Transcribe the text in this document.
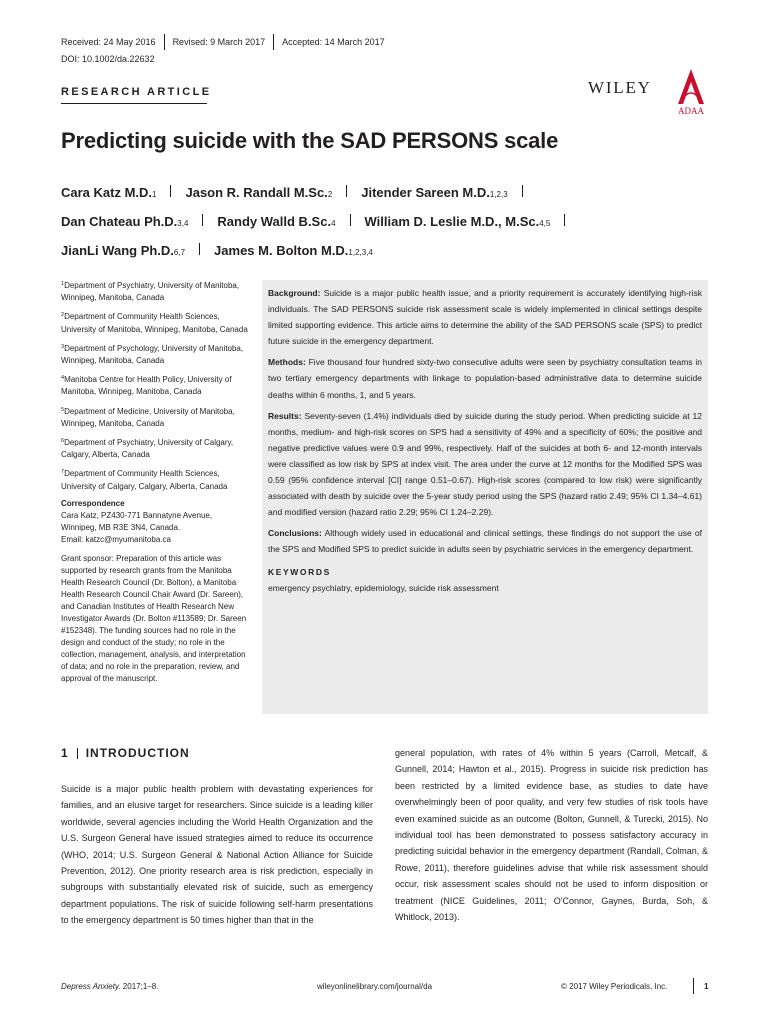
Received: 24 May 2016 Revised: 9 March 2017 Accepted: 14 March 2017
DOI: 10.1002/da.22632
RESEARCH ARTICLE	WILEY
ADAA
Predicting suicide with the SAD PERSONS scale
Cara Katz M.D. 1 Jason R. Randall M.Sc. 2 Jitender Sareen M.D. 1,2,3
Dan Chateau Ph.D. 3,4 Randy Walld B.Sc. 4 William D. Leslie M.D., M.Sc. 4,5
JianLi Wang Ph.D. 6,7 James M. Bolton M.D. 1,2,3,4

$^1$Department of Psychiatry, University of Manitoba, Winnipeg, Manitoba, Canada

$^2$Department of Community Health Sciences, University of Manitoba, Winnipeg, Manitoba, Canada

$^3$Department of Psychology, University of Manitoba, Winnipeg, Manitoba, Canada

$^4$Manitoba Centre for Health Policy, University of Manitoba, Winnipeg, Manitoba, Canada

$^5$Department of Medicine, University of Manitoba, Winnipeg, Manitoba, Canada

$^6$Department of Psychiatry, University of Calgary, Calgary, Alberta, Canada

$^7$Department of Community Health Sciences, University of Calgary, Calgary, Alberta, Canada

Correspondence

Cara Katz, PZ430-771 Bannatyne Avenue,
Winnipeg, MB R3E 3N4, Canada.
Email: katzc@myumanitoba.ca

Grant sponsor: Preparation of this article was supported by research grants from the Manitoba Health Research Council (Dr. Bolton), a Manitoba Health Research Council Chair Award (Dr. Sareen), and Canadian Institutes of Health Research New Investigator Awards (Dr. Bolton #113589; Dr. Sareen #152348). The funding sources had no role in the design and conduct of the study; no role in the collection, management, analysis, and interpretation of data; and no role in the preparation, review, and approval of the manuscript.

Background: Suicide is a major public health issue, and a priority requirement is accurately identifying high-risk individuals. The SAD PERSONS suicide risk assessment scale is widely implemented in clinical settings despite limited supporting evidence. This article aims to determine the ability of the SAD PERSONS scale (SPS) to predict future suicide in the emergency department.

Methods: Five thousand four hundred sixty-two consecutive adults were seen by psychiatry consultation teams in two tertiary emergency departments with linkage to population-based administrative data to determine suicide deaths within 6 months, 1, and 5 years.

Results: Seventy-seven (1.4%) individuals died by suicide during the study period. When predicting suicide at 12 months, medium- and high-risk scores on SPS had a sensitivity of 49% and a specificity of 60%; the positive and negative predictive values were 0.9 and 99%, respectively. Half of the suicides at both 6- and 12-month intervals were classified as low risk by SPS at index visit. The area under the curve at 12 months for the Modified SPS was 0.59 (95% confidence interval [CI] range 0.51–0.67). High-risk scores (compared to low risk) were significantly associated with death by suicide over the 5-year study period using the SPS (hazard ratio 2.49; 95% CI 1.34–4.61) and modified version (hazard ratio 2.29; 95% CI 1.24–2.29).

Conclusions: Although widely used in educational and clinical settings, these findings do not support the use of the SPS and Modified SPS to predict suicide in adults seen by psychiatric services in the emergency department.

KEYWORDS
emergency psychiatry, epidemiology, suicide risk assessment
1 INTRODUCTION
Suicide is a major public health problem with devastating experiences for families, and an elusive target for researchers. Since suicide is a leading killer worldwide, several agencies including the World Health Organization and the U.S. Surgeon General have issued strategies aimed to reduce its occurrence (WHO, 2014; U.S. Surgeon General & National Action Alliance for Suicide Prevention, 2012). One priority research area is risk prediction, especially in subgroups with substantially elevated risk of suicide, such as emergency department populations. The risk of suicide following self-harm presentations to the emergency department is 50 times higher than that in the
general population, with rates of 4% within 5 years (Carroll, Metcalf, & Gunnell, 2014; Hawton et al., 2015). Progress in suicide risk prediction has been restricted by a limited evidence base, as studies to date have overwhelmingly been of poor quality, and very few studies of risk tools have even examined suicide as an outcome (Bolton, Gunnell, & Turecki, 2015). No individual tool has been demonstrated to possess satisfactory accuracy in predicting suicidal behavior in the emergency department (Randall, Colman, & Rowe, 2011), therefore guidelines advise that while risk assessment should occur, risk assessment scales should not be used to inform disposition or treatment (NICE Guidelines, 2011; O'Connor, Gaynes, Burda, Soh, & Whitlock, 2013).
Depress Anxiety. 2017;1–8.	wileyonlinelibrary.com/journal/da	© 2017 Wiley Periodicals, Inc.	1
